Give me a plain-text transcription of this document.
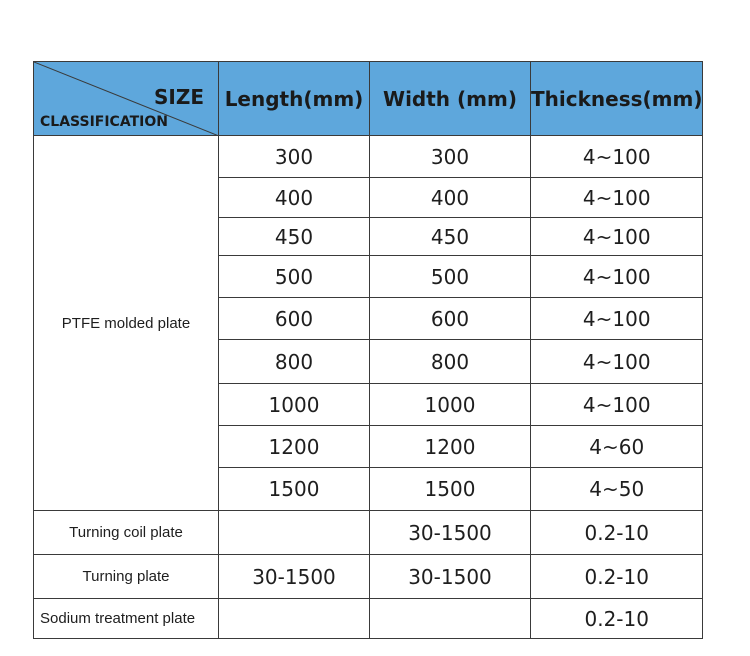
SIZE
CLASSIFICATION	Length(mm)	Width (mm)	Thickness(mm)
PTFE molded plate	300	300	4~100
	400	400	4~100
	450	450	4~100
	500	500	4~100
	600	600	4~100
	800	800	4~100
	1000	1000	4~100
	1200	1200	4~60
	1500	1500	4~50
Turning coil plate		30-1500	0.2-10
Turning plate	30-1500	30-1500	0.2-10
Sodium treatment plate			0.2-10
